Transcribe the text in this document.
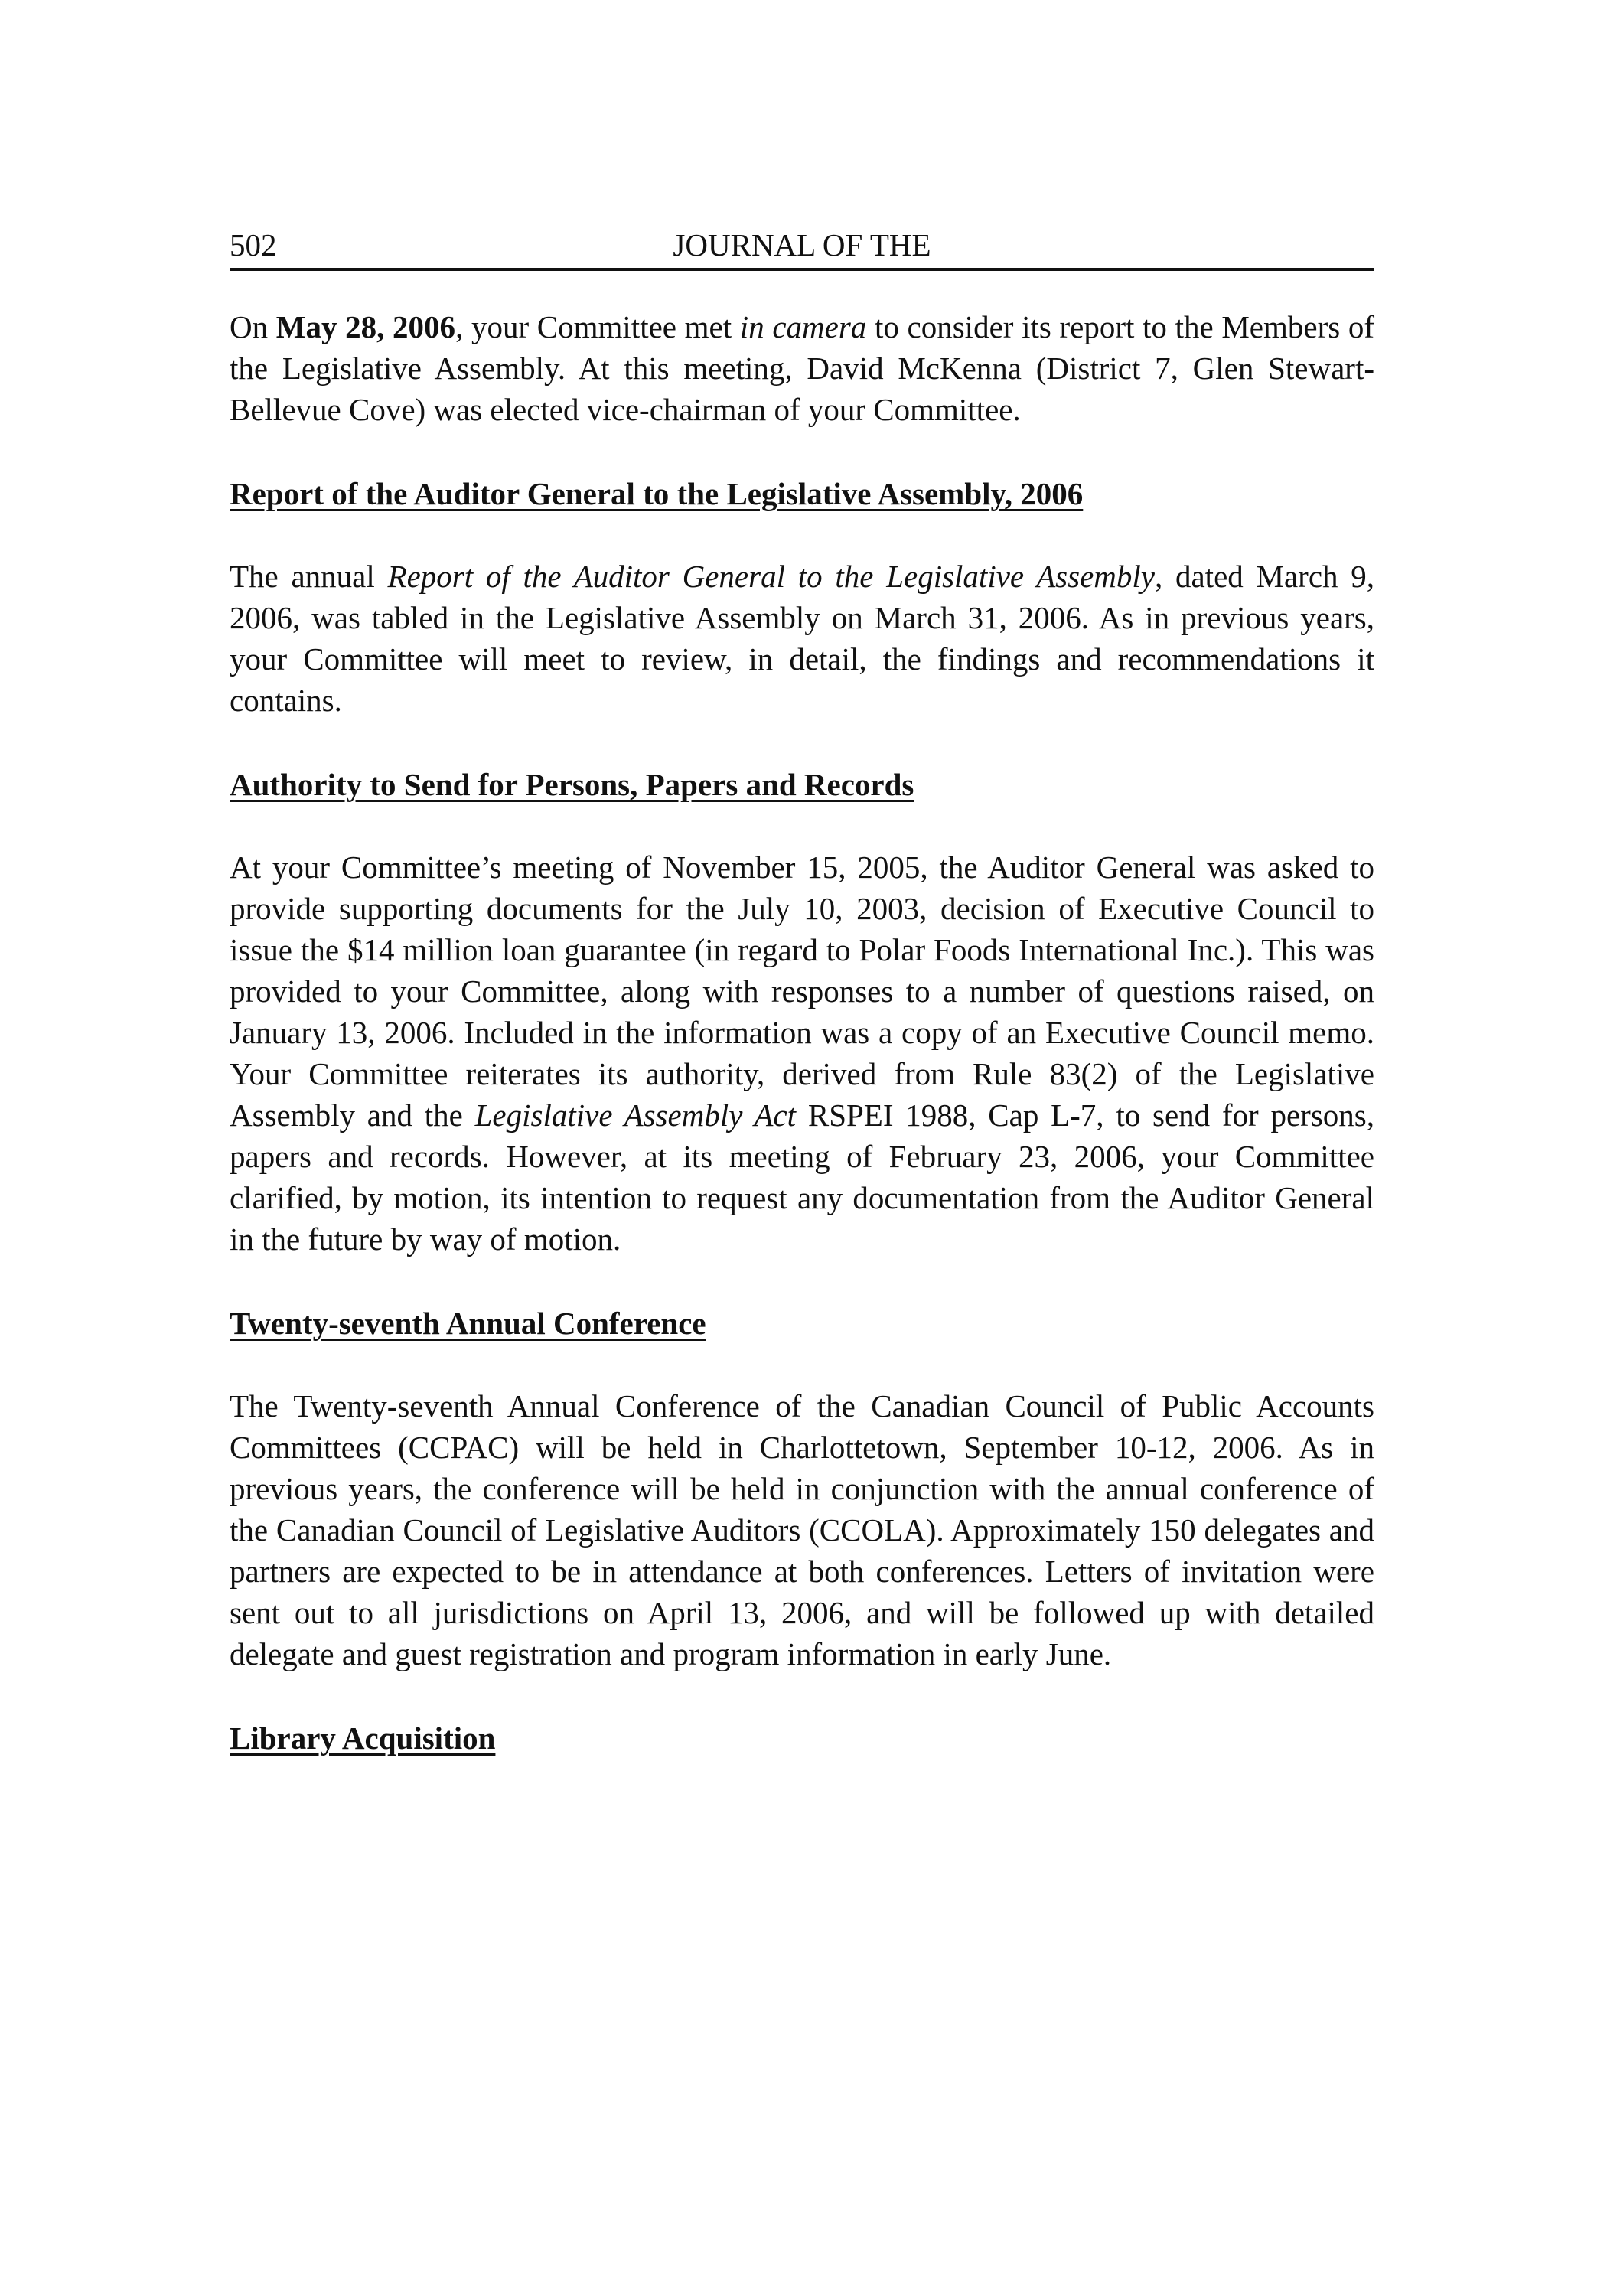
502	JOURNAL OF THE

On May 28, 2006, your Committee met in camera to consider its report to the Members of the Legislative Assembly. At this meeting, David McKenna (District 7, Glen Stewart-Bellevue Cove) was elected vice-chairman of your Committee.

Report of the Auditor General to the Legislative Assembly, 2006

The annual Report of the Auditor General to the Legislative Assembly, dated March 9, 2006, was tabled in the Legislative Assembly on March 31, 2006. As in previous years, your Committee will meet to review, in detail, the findings and recommendations it contains.

Authority to Send for Persons, Papers and Records

At your Committee’s meeting of November 15, 2005, the Auditor General was asked to provide supporting documents for the July 10, 2003, decision of Executive Council to issue the $14 million loan guarantee (in regard to Polar Foods International Inc.). This was provided to your Committee, along with responses to a number of questions raised, on January 13, 2006. Included in the information was a copy of an Executive Council memo. Your Committee reiterates its authority, derived from Rule 83(2) of the Legislative Assembly and the Legislative Assembly Act RSPEI 1988, Cap L-7, to send for persons, papers and records. However, at its meeting of February 23, 2006, your Committee clarified, by motion, its intention to request any documentation from the Auditor General in the future by way of motion.

Twenty-seventh Annual Conference

The Twenty-seventh Annual Conference of the Canadian Council of Public Accounts Committees (CCPAC) will be held in Charlottetown, September 10-12, 2006. As in previous years, the conference will be held in conjunction with the annual conference of the Canadian Council of Legislative Auditors (CCOLA). Approximately 150 delegates and partners are expected to be in attendance at both conferences. Letters of invitation were sent out to all jurisdictions on April 13, 2006, and will be followed up with detailed delegate and guest registration and program information in early June.

Library Acquisition
